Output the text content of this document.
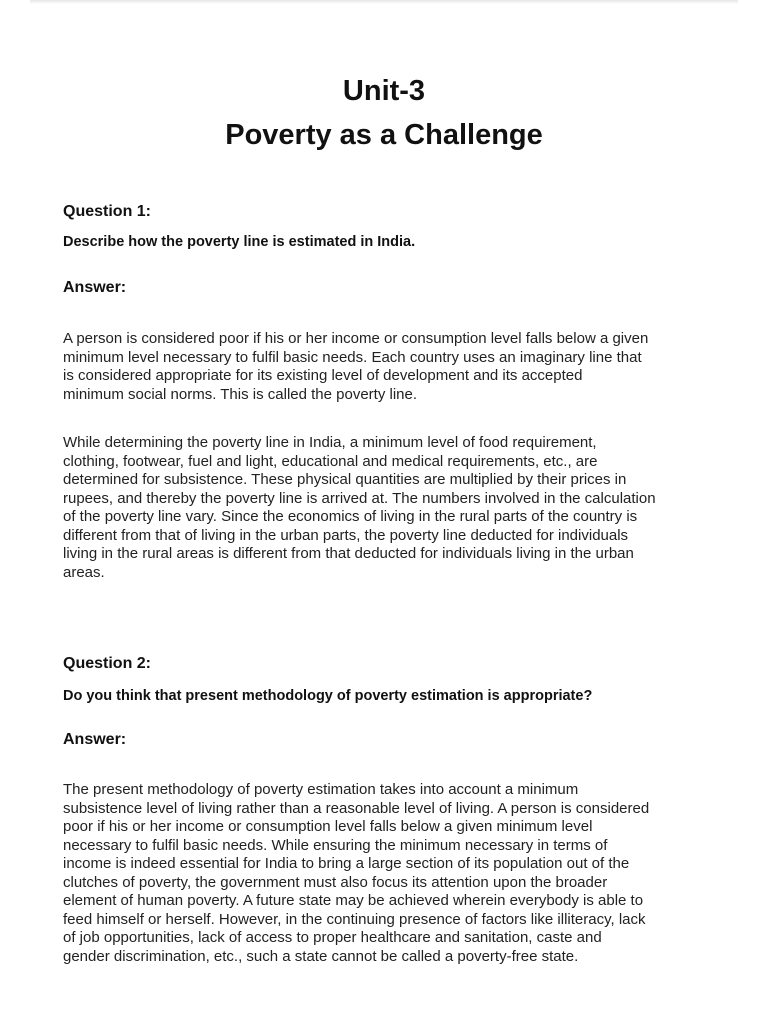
Unit-3
Poverty as a Challenge
Question 1:
Describe how the poverty line is estimated in India.
Answer:
A person is considered poor if his or her income or consumption level falls below a given
minimum level necessary to fulfil basic needs. Each country uses an imaginary line that
is considered appropriate for its existing level of development and its accepted
minimum social norms. This is called the poverty line.
While determining the poverty line in India, a minimum level of food requirement,
clothing, footwear, fuel and light, educational and medical requirements, etc., are
determined for subsistence. These physical quantities are multiplied by their prices in
rupees, and thereby the poverty line is arrived at. The numbers involved in the calculation
of the poverty line vary. Since the economics of living in the rural parts of the country is
different from that of living in the urban parts, the poverty line deducted for individuals
living in the rural areas is different from that deducted for individuals living in the urban
areas.
Question 2:
Do you think that present methodology of poverty estimation is appropriate?
Answer:
The present methodology of poverty estimation takes into account a minimum
subsistence level of living rather than a reasonable level of living. A person is considered
poor if his or her income or consumption level falls below a given minimum level
necessary to fulfil basic needs. While ensuring the minimum necessary in terms of
income is indeed essential for India to bring a large section of its population out of the
clutches of poverty, the government must also focus its attention upon the broader
element of human poverty. A future state may be achieved wherein everybody is able to
feed himself or herself. However, in the continuing presence of factors like illiteracy, lack
of job opportunities, lack of access to proper healthcare and sanitation, caste and
gender discrimination, etc., such a state cannot be called a poverty-free state.
